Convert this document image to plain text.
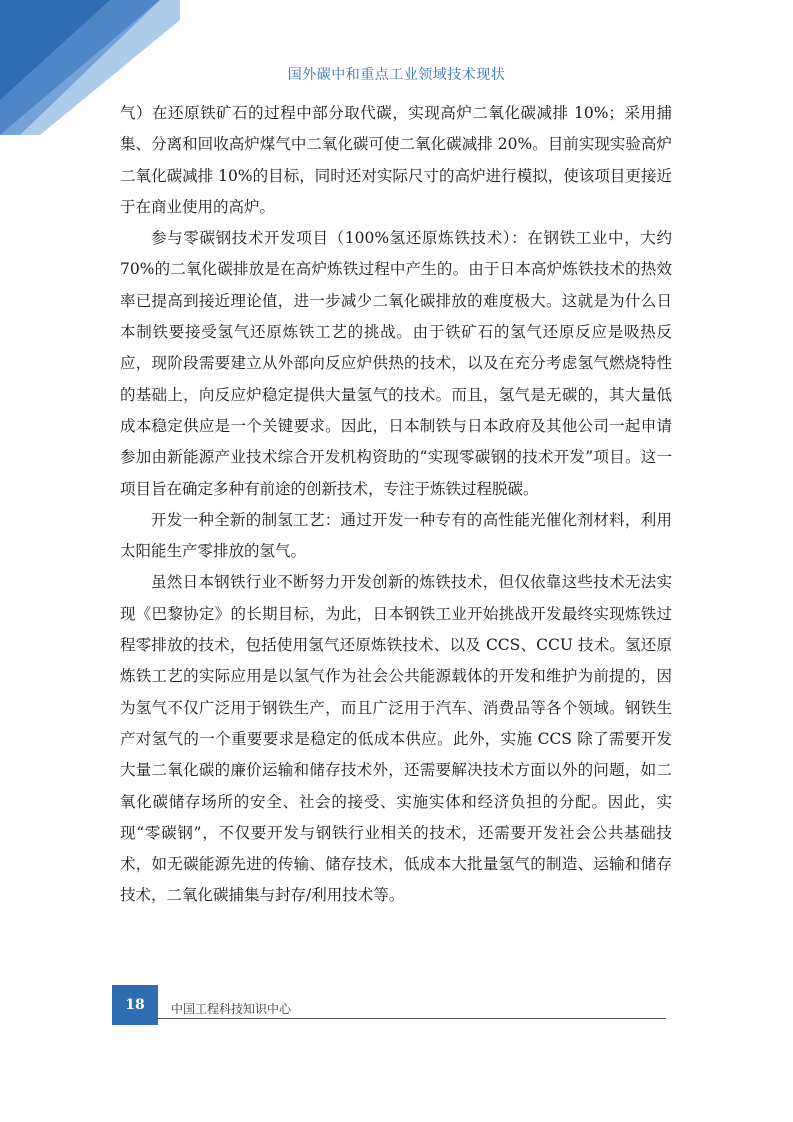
国外碳中和重点工业领域技术现状

气）在还原铁矿石的过程中部分取代碳，实现高炉二氧化碳减排 10%；采用捕集、分离和回收高炉煤气中二氧化碳可使二氧化碳减排 20%。目前实现实验高炉二氧化碳减排 10%的目标，同时还对实际尺寸的高炉进行模拟，使该项目更接近于在商业使用的高炉。

参与零碳钢技术开发项目（100%氢还原炼铁技术）：在钢铁工业中，大约 70%的二氧化碳排放是在高炉炼铁过程中产生的。由于日本高炉炼铁技术的热效率已提高到接近理论值，进一步减少二氧化碳排放的难度极大。这就是为什么日本制铁要接受氢气还原炼铁工艺的挑战。由于铁矿石的氢气还原反应是吸热反应，现阶段需要建立从外部向反应炉供热的技术，以及在充分考虑氢气燃烧特性的基础上，向反应炉稳定提供大量氢气的技术。而且，氢气是无碳的，其大量低成本稳定供应是一个关键要求。因此，日本制铁与日本政府及其他公司一起申请参加由新能源产业技术综合开发机构资助的“实现零碳钢的技术开发”项目。这一项目旨在确定多种有前途的创新技术，专注于炼铁过程脱碳。

开发一种全新的制氢工艺：通过开发一种专有的高性能光催化剂材料，利用太阳能生产零排放的氢气。

虽然日本钢铁行业不断努力开发创新的炼铁技术，但仅依靠这些技术无法实现《巴黎协定》的长期目标，为此，日本钢铁工业开始挑战开发最终实现炼铁过程零排放的技术，包括使用氢气还原炼铁技术、以及 CCS、CCU 技术。氢还原炼铁工艺的实际应用是以氢气作为社会公共能源载体的开发和维护为前提的，因为氢气不仅广泛用于钢铁生产，而且广泛用于汽车、消费品等各个领域。钢铁生产对氢气的一个重要要求是稳定的低成本供应。此外，实施 CCS 除了需要开发大量二氧化碳的廉价运输和储存技术外，还需要解决技术方面以外的问题，如二氧化碳储存场所的安全、社会的接受、实施实体和经济负担的分配。因此，实现“零碳钢”，不仅要开发与钢铁行业相关的技术，还需要开发社会公共基础技术，如无碳能源先进的传输、储存技术，低成本大批量氢气的制造、运输和储存技术，二氧化碳捕集与封存/利用技术等。

18	中国工程科技知识中心
